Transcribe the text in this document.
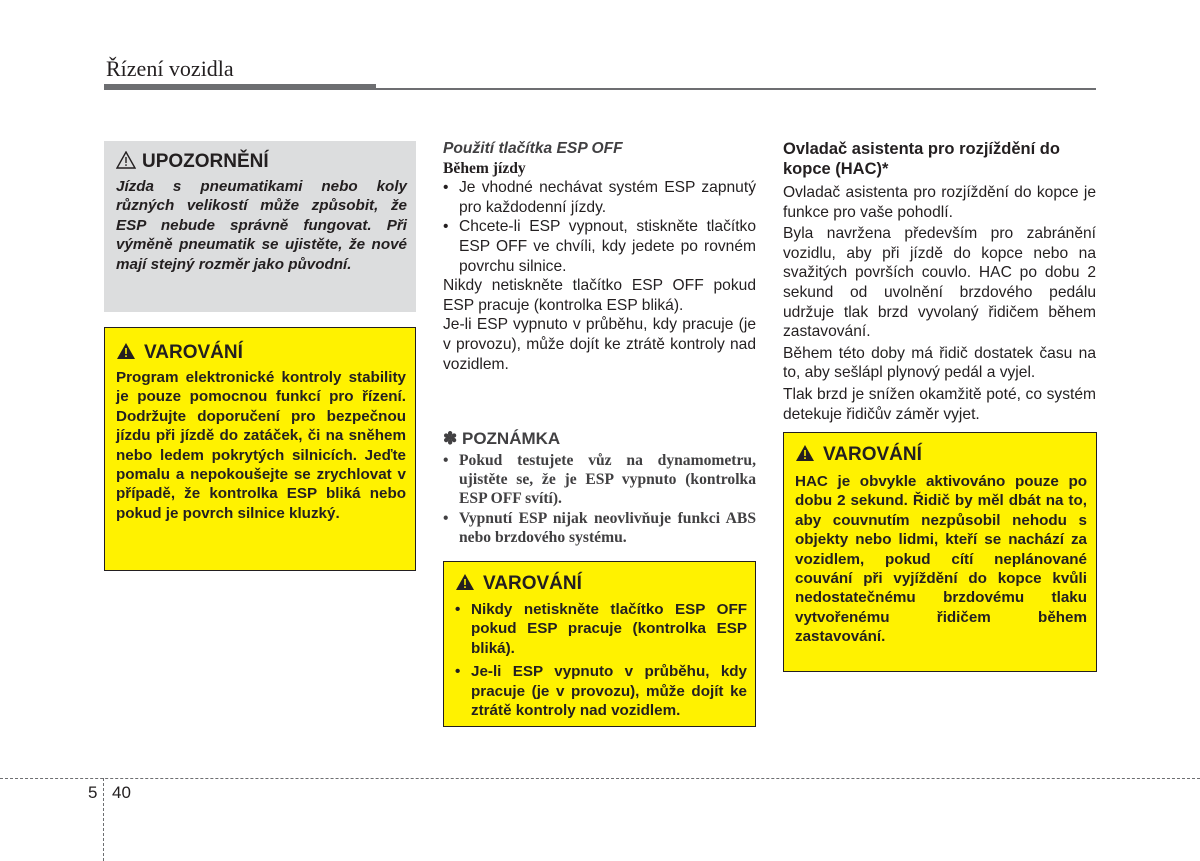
Řízení vozidla
UPOZORNĚNÍ
Jízda s pneumatikami nebo koly různých velikostí může způsobit, že ESP nebude správně fungovat. Při výměně pneumatik se ujistěte, že nové mají stejný rozměr jako původní.
VAROVÁNÍ
Program elektronické kontroly stability je pouze pomocnou funkcí pro řízení. Dodržujte doporučení pro bezpečnou jízdu při jízdě do zatáček, či na sněhem nebo ledem pokrytých silnicích. Jeďte pomalu a nepokoušejte se zrychlovat v případě, že kontrolka ESP bliká nebo pokud je povrch silnice kluzký.
Použití tlačítka ESP OFF
Během jízdy
• Je vhodné nechávat systém ESP zapnutý pro každodenní jízdy.
• Chcete-li ESP vypnout, stiskněte tlačítko ESP OFF ve chvíli, kdy jedete po rovném povrchu silnice.

Nikdy netiskněte tlačítko ESP OFF pokud ESP pracuje (kontrolka ESP bliká).

Je-li ESP vypnuto v průběhu, kdy pracuje (je v provozu), může dojít ke ztrátě kontroly nad vozidlem.

✽ POZNÁMKA
• Pokud testujete vůz na dynamometru, ujistěte se, že je ESP vypnuto (kontrolka ESP OFF svítí).
• Vypnutí ESP nijak neovlivňuje funkci ABS nebo brzdového systému.
VAROVÁNÍ
• Nikdy netiskněte tlačítko ESP OFF pokud ESP pracuje (kontrolka ESP bliká).
• Je-li ESP vypnuto v průběhu, kdy pracuje (je v provozu), může dojít ke ztrátě kontroly nad vozidlem.
Ovladač asistenta pro rozjíždění do kopce (HAC)*

Ovladač asistenta pro rozjíždění do kopce je funkce pro vaše pohodlí.

Byla navržena především pro zabránění vozidlu, aby při jízdě do kopce nebo na svažitých površích couvlo. HAC po dobu 2 sekund od uvolnění brzdového pedálu udržuje tlak brzd vyvolaný řidičem během zastavování.

Během této doby má řidič dostatek času na to, aby sešlápl plynový pedál a vyjel.

Tlak brzd je snížen okamžitě poté, co systém detekuje řidičův záměr vyjet.

VAROVÁNÍ
HAC je obvykle aktivováno pouze po dobu 2 sekund. Řidič by měl dbát na to, aby couvnutím nezpůsobil nehodu s objekty nebo lidmi, kteří se nachází za vozidlem, pokud cítí neplánované couvání při vyjíždění do kopce kvůli nedostatečnému brzdovému tlaku vytvořenému řidičem během zastavování.
5 40
